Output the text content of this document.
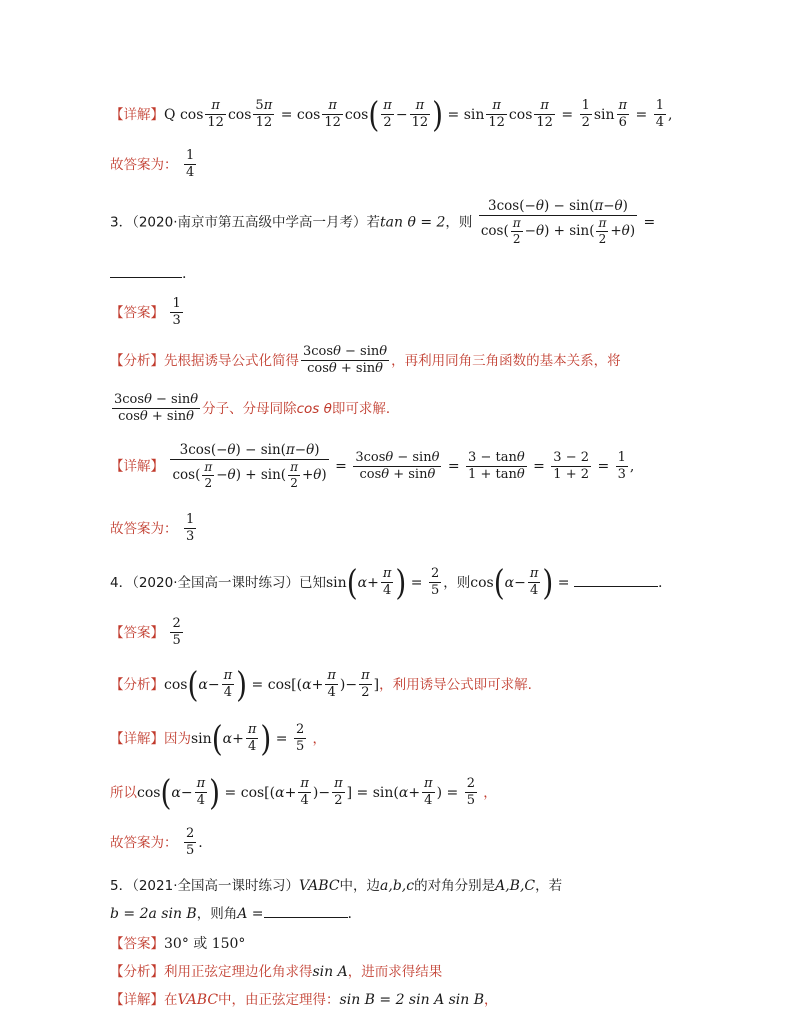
【详解】Q $\cos \frac{\pi}{12}$ $\cos \frac{5\pi}{12} = \cos \frac{\pi}{12} \cos( \frac{\pi}{2} - \frac{\pi}{12}$ ) = $\sin \frac{\pi}{12}$ $\cos \frac{\pi}{12} = \frac{1}{2}$ $\sin \frac{\pi}{6} = \frac{1}{4}$ ,
故答案为： $\frac{1}{4}$
3．（2020·南京市第五高级中学高一月考）若tan θ = 2，则 $\frac{3\cos(-\theta) - \sin(\pi-\theta)}{\cos( \frac{\pi}{2} -\theta) + \sin( \frac{\pi}{2} +\theta)}$ =
.
【答案】 $\frac{1}{3}$
【分析】先根据诱导公式化简得 $\frac{3\cos\theta - \sin\theta}{\cos\theta + \sin\theta}$ ，再利用同角三角函数的基本关系，将
$\frac{3\cos\theta - \sin\theta}{\cos\theta + \sin\theta}$ 分子、分母同除cos θ即可求解．
【详解】 $\frac{3\cos(-\theta) - \sin(\pi-\theta)}{\cos( \frac{\pi}{2} -\theta) + \sin( \frac{\pi}{2} +\theta)} = \frac{3\cos\theta - \sin\theta}{\cos\theta + \sin\theta} = \frac{3 - \tan\theta}{1 + \tan\theta} = \frac{3 - 2}{1 + 2} = \frac{1}{3}$ ,
故答案为： $\frac{1}{3}$
4．（2020·全国高一课时练习）已知$\sin(\alpha+ \frac{\pi}{4}$ ) = $\frac{2}{5}$ ，则$\cos(\alpha- \frac{\pi}{4}$ ) =	.
【答案】 $\frac{2}{5}$
【分析】$\cos(\alpha- \frac{\pi}{4}$ ) = $\cos[(\alpha+ \frac{\pi}{4}$ )− $\frac{\pi}{2}$ ]，利用诱导公式即可求解.
【详解】因为$\sin(\alpha+ \frac{\pi}{4}$ ) = $\frac{2}{5}$ ，
所以$\cos(\alpha- \frac{\pi}{4}$ ) = $\cos[(\alpha+ \frac{\pi}{4}$ )− $\frac{\pi}{2}$ ] = $\sin(\alpha+ \frac{\pi}{4}$ ) = $\frac{2}{5}$ ，
故答案为： $\frac{2}{5}$ .
5．（2021·全国高一课时练习）VABC中，边a,b,c的对角分别是A,B,C，若
b = 2a sin B，则角A =	.
【答案】30° 或 150°
【分析】利用正弦定理边化角求得sin A，进而求得结果
【详解】在VABC中，由正弦定理得：sin B = 2 sin A sin B，
